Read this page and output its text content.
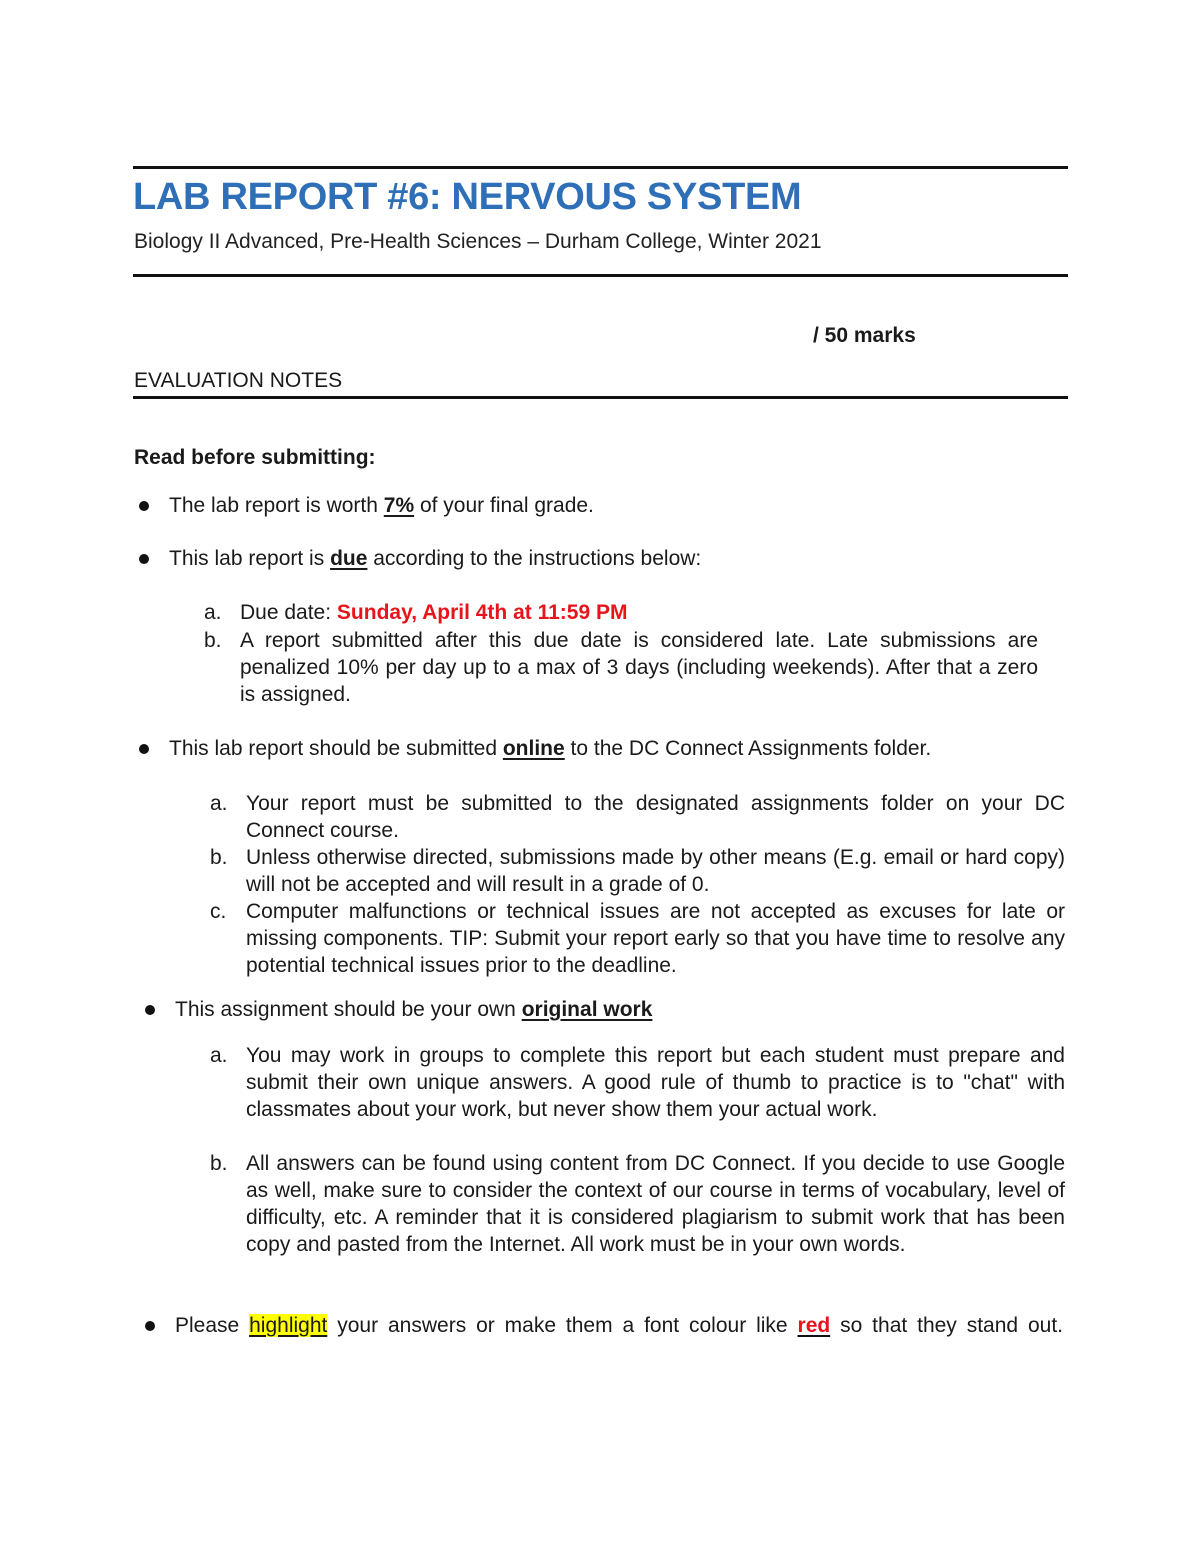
LAB REPORT #6: NERVOUS SYSTEM
Biology II Advanced, Pre-Health Sciences – Durham College, Winter 2021
/ 50 marks
EVALUATION NOTES
Read before submitting:
The lab report is worth 7% of your final grade.
This lab report is due according to the instructions below:
a. Due date: Sunday, April 4th at 11:59 PM
b. A report submitted after this due date is considered late. Late submissions are penalized 10% per day up to a max of 3 days (including weekends). After that a zero is assigned.
This lab report should be submitted online to the DC Connect Assignments folder.
a. Your report must be submitted to the designated assignments folder on your DC Connect course.
b. Unless otherwise directed, submissions made by other means (E.g. email or hard copy) will not be accepted and will result in a grade of 0.
c. Computer malfunctions or technical issues are not accepted as excuses for late or missing components. TIP: Submit your report early so that you have time to resolve any potential technical issues prior to the deadline.
This assignment should be your own original work
a. You may work in groups to complete this report but each student must prepare and submit their own unique answers. A good rule of thumb to practice is to "chat" with classmates about your work, but never show them your actual work.
b. All answers can be found using content from DC Connect. If you decide to use Google as well, make sure to consider the context of our course in terms of vocabulary, level of difficulty, etc. A reminder that it is considered plagiarism to submit work that has been copy and pasted from the Internet. All work must be in your own words.
Please highlight your answers or make them a font colour like red so that they stand out.
